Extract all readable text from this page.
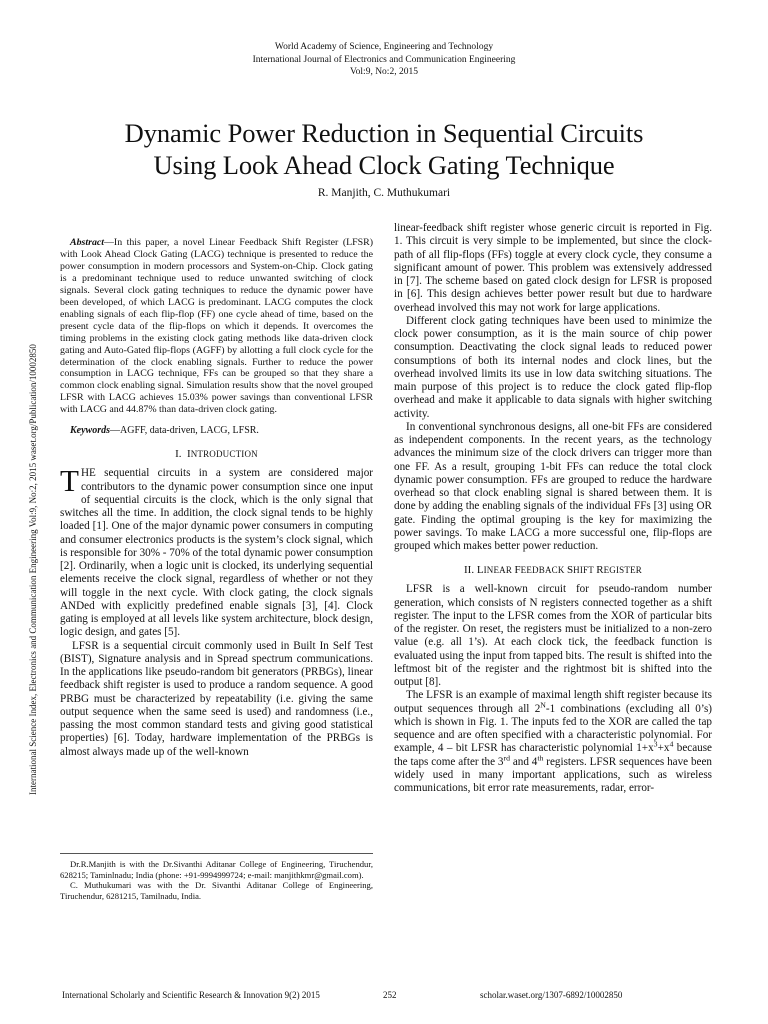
World Academy of Science, Engineering and Technology
International Journal of Electronics and Communication Engineering
Vol:9, No:2, 2015
Dynamic Power Reduction in Sequential Circuits
Using Look Ahead Clock Gating Technique
R. Manjith, C. Muthukumari
International Science Index, Electronics and Communication Engineering Vol:9, No:2, 2015 waset.org/Publication/10002850

Abstract—In this paper, a novel Linear Feedback Shift Register (LFSR) with Look Ahead Clock Gating (LACG) technique is presented to reduce the power consumption in modern processors and System-on-Chip. Clock gating is a predominant technique used to reduce unwanted switching of clock signals. Several clock gating techniques to reduce the dynamic power have been developed, of which LACG is predominant. LACG computes the clock enabling signals of each flip-flop (FF) one cycle ahead of time, based on the present cycle data of the flip-flops on which it depends. It overcomes the timing problems in the existing clock gating methods like data-driven clock gating and Auto-Gated flip-flops (AGFF) by allotting a full clock cycle for the determination of the clock enabling signals. Further to reduce the power consumption in LACG technique, FFs can be grouped so that they share a common clock enabling signal. Simulation results show that the novel grouped LFSR with LACG achieves 15.03% power savings than conventional LFSR with LACG and 44.87% than data-driven clock gating.

Keywords—AGFF, data-driven, LACG, LFSR.

I. INTRODUCTION

THE sequential circuits in a system are considered major contributors to the dynamic power consumption since one input of sequential circuits is the clock, which is the only signal that switches all the time. In addition, the clock signal tends to be highly loaded [1]. One of the major dynamic power consumers in computing and consumer electronics products is the system’s clock signal, which is responsible for 30% - 70% of the total dynamic power consumption [2]. Ordinarily, when a logic unit is clocked, its underlying sequential elements receive the clock signal, regardless of whether or not they will toggle in the next cycle. With clock gating, the clock signals ANDed with explicitly predefined enable signals [3], [4]. Clock gating is employed at all levels like system architecture, block design, logic design, and gates [5].

LFSR is a sequential circuit commonly used in Built In Self Test (BIST), Signature analysis and in Spread spectrum communications. In the applications like pseudo-random bit generators (PRBGs), linear feedback shift register is used to produce a random sequence. A good PRBG must be characterized by repeatability (i.e. giving the same output sequence when the same seed is used) and randomness (i.e., passing the most common standard tests and giving good statistical properties) [6]. Today, hardware implementation of the PRBGs is almost always made up of the well-known

Dr.R.Manjith is with the Dr.Sivanthi Aditanar College of Engineering, Tiruchendur, 628215; Taminlnadu; India (phone: +91-9994999724; e-mail: manjithkmr@gmail.com).

C. Muthukumari was with the Dr. Sivanthi Aditanar College of Engineering, Tiruchendur, 6281215, Tamilnadu, India.

linear-feedback shift register whose generic circuit is reported in Fig. 1. This circuit is very simple to be implemented, but since the clock-path of all flip-flops (FFs) toggle at every clock cycle, they consume a significant amount of power. This problem was extensively addressed in [7]. The scheme based on gated clock design for LFSR is proposed in [6]. This design achieves better power result but due to hardware overhead involved this may not work for large applications.

Different clock gating techniques have been used to minimize the clock power consumption, as it is the main source of chip power consumption. Deactivating the clock signal leads to reduced power consumptions of both its internal nodes and clock lines, but the overhead involved limits its use in low data switching situations. The main purpose of this project is to reduce the clock gated flip-flop overhead and make it applicable to data signals with higher switching activity.

In conventional synchronous designs, all one-bit FFs are considered as independent components. In the recent years, as the technology advances the minimum size of the clock drivers can trigger more than one FF. As a result, grouping 1-bit FFs can reduce the total clock dynamic power consumption. FFs are grouped to reduce the hardware overhead so that clock enabling signal is shared between them. It is done by adding the enabling signals of the individual FFs [3] using OR gate. Finding the optimal grouping is the key for maximizing the power savings. To make LACG a more successful one, flip-flops are grouped which makes better power reduction.

II. LINEAR FEEDBACK SHIFT REGISTER

LFSR is a well-known circuit for pseudo-random number generation, which consists of N registers connected together as a shift register. The input to the LFSR comes from the XOR of particular bits of the register. On reset, the registers must be initialized to a non-zero value (e.g. all 1’s). At each clock tick, the feedback function is evaluated using the input from tapped bits. The result is shifted into the leftmost bit of the register and the rightmost bit is shifted into the output [8].

The LFSR is an example of maximal length shift register because its output sequences through all $2^N-1$ combinations (excluding all 0’s) which is shown in Fig. 1. The inputs fed to the XOR are called the tap sequence and are often specified with a characteristic polynomial. For example, 4 – bit LFSR has characteristic polynomial $1+x^3+x^4$ because the taps come after the 3rd and 4th registers. LFSR sequences have been widely used in many important applications, such as wireless communications, bit error rate measurements, radar, error-

International Scholarly and Scientific Research & Innovation 9(2) 2015	252	scholar.waset.org/1307-6892/10002850
